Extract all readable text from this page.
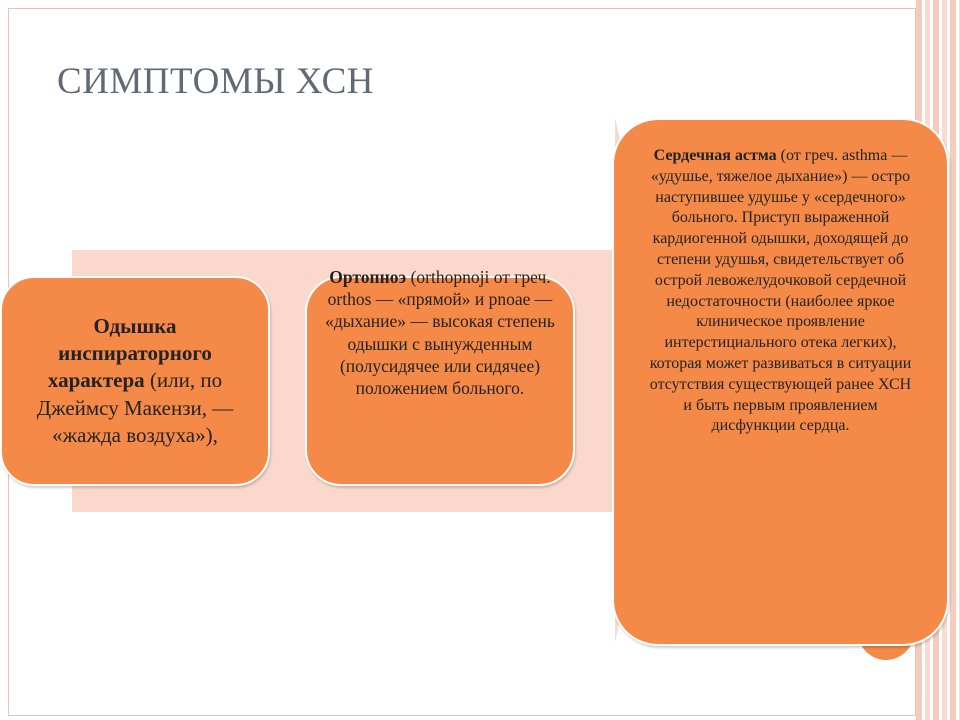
СИМПТОМЫ ХСН
Одышка инспираторного характера (или, по Джеймсу Макензи, — «жажда воздуха»),
Ортопноэ (orthopnoji от греч. orthos — «прямой» и pnoae — «дыхание» — высокая степень одышки с вынужденным (полусидячее или сидячее) положением больного.
Сердечная астма (от греч. asthma — «удушье, тяжелое дыхание») — остро наступившее удушье у «сердечного» больного. Приступ выраженной кардиогенной одышки, доходящей до степени удушья, свидетельствует об острой левожелудочковой сердечной недостаточности (наиболее яркое клиническое проявление интерстициального отека легких), которая может развиваться в ситуации отсутствия существующей ранее ХСН и быть первым проявлением дисфункции сердца.
